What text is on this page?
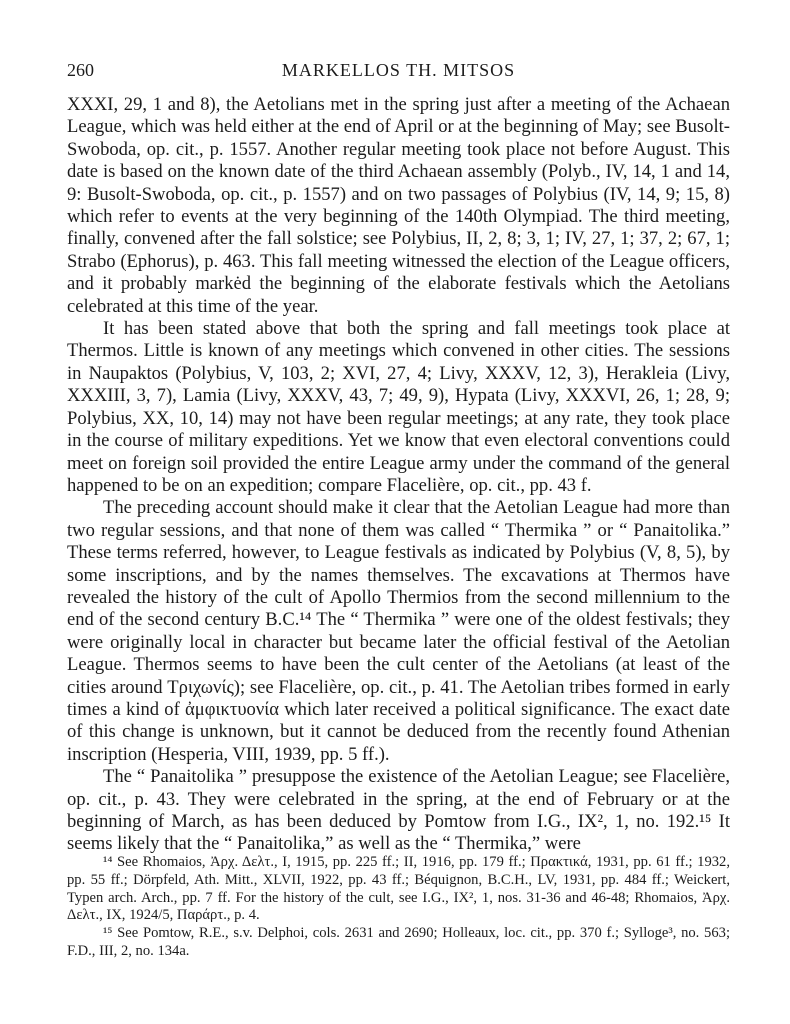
260	MARKELLOS TH. MITSOS

XXXI, 29, 1 and 8), the Aetolians met in the spring just after a meeting of the Achaean League, which was held either at the end of April or at the beginning of May; see Busolt-Swoboda, op. cit., p. 1557. Another regular meeting took place not before August. This date is based on the known date of the third Achaean assembly (Polyb., IV, 14, 1 and 14, 9: Busolt-Swoboda, op. cit., p. 1557) and on two passages of Polybius (IV, 14, 9; 15, 8) which refer to events at the very beginning of the 140th Olympiad. The third meeting, finally, convened after the fall solstice; see Polybius, II, 2, 8; 3, 1; IV, 27, 1; 37, 2; 67, 1; Strabo (Ephorus), p. 463. This fall meeting witnessed the election of the League officers, and it probably markėd the beginning of the elaborate festivals which the Aetolians celebrated at this time of the year.

It has been stated above that both the spring and fall meetings took place at Thermos. Little is known of any meetings which convened in other cities. The sessions in Naupaktos (Polybius, V, 103, 2; XVI, 27, 4; Livy, XXXV, 12, 3), Herakleia (Livy, XXXIII, 3, 7), Lamia (Livy, XXXV, 43, 7; 49, 9), Hypata (Livy, XXXVI, 26, 1; 28, 9; Polybius, XX, 10, 14) may not have been regular meetings; at any rate, they took place in the course of military expeditions. Yet we know that even electoral conventions could meet on foreign soil provided the entire League army under the command of the general happened to be on an expedition; compare Flacelière, op. cit., pp. 43 f.

The preceding account should make it clear that the Aetolian League had more than two regular sessions, and that none of them was called “ Thermika ” or “ Panaitolika.” These terms referred, however, to League festivals as indicated by Polybius (V, 8, 5), by some inscriptions, and by the names themselves. The excavations at Thermos have revealed the history of the cult of Apollo Thermios from the second millennium to the end of the second century B.C.¹⁴ The “ Thermika ” were one of the oldest festivals; they were originally local in character but became later the official festival of the Aetolian League. Thermos seems to have been the cult center of the Aetolians (at least of the cities around Τριχωνίς); see Flacelière, op. cit., p. 41. The Aetolian tribes formed in early times a kind of ἀμφικτυονία which later received a political significance. The exact date of this change is unknown, but it cannot be deduced from the recently found Athenian inscription (Hesperia, VIII, 1939, pp. 5 ff.).

The “ Panaitolika ” presuppose the existence of the Aetolian League; see Flacelière, op. cit., p. 43. They were celebrated in the spring, at the end of February or at the beginning of March, as has been deduced by Pomtow from I.G., IX², 1, no. 192.¹⁵ It seems likely that the “ Panaitolika,” as well as the “ Thermika,” were

¹⁴ See Rhomaios, Ἀρχ. Δελτ., I, 1915, pp. 225 ff.; II, 1916, pp. 179 ff.; Πρακτικά, 1931, pp. 61 ff.; 1932, pp. 55 ff.; Dörpfeld, Ath. Mitt., XLVII, 1922, pp. 43 ff.; Béquignon, B.C.H., LV, 1931, pp. 484 ff.; Weickert, Typen arch. Arch., pp. 7 ff. For the history of the cult, see I.G., IX², 1, nos. 31-36 and 46-48; Rhomaios, Ἀρχ. Δελτ., IX, 1924/5, Παράρτ., p. 4.

¹⁵ See Pomtow, R.E., s.v. Delphoi, cols. 2631 and 2690; Holleaux, loc. cit., pp. 370 f.; Sylloge³, no. 563; F.D., III, 2, no. 134a.
